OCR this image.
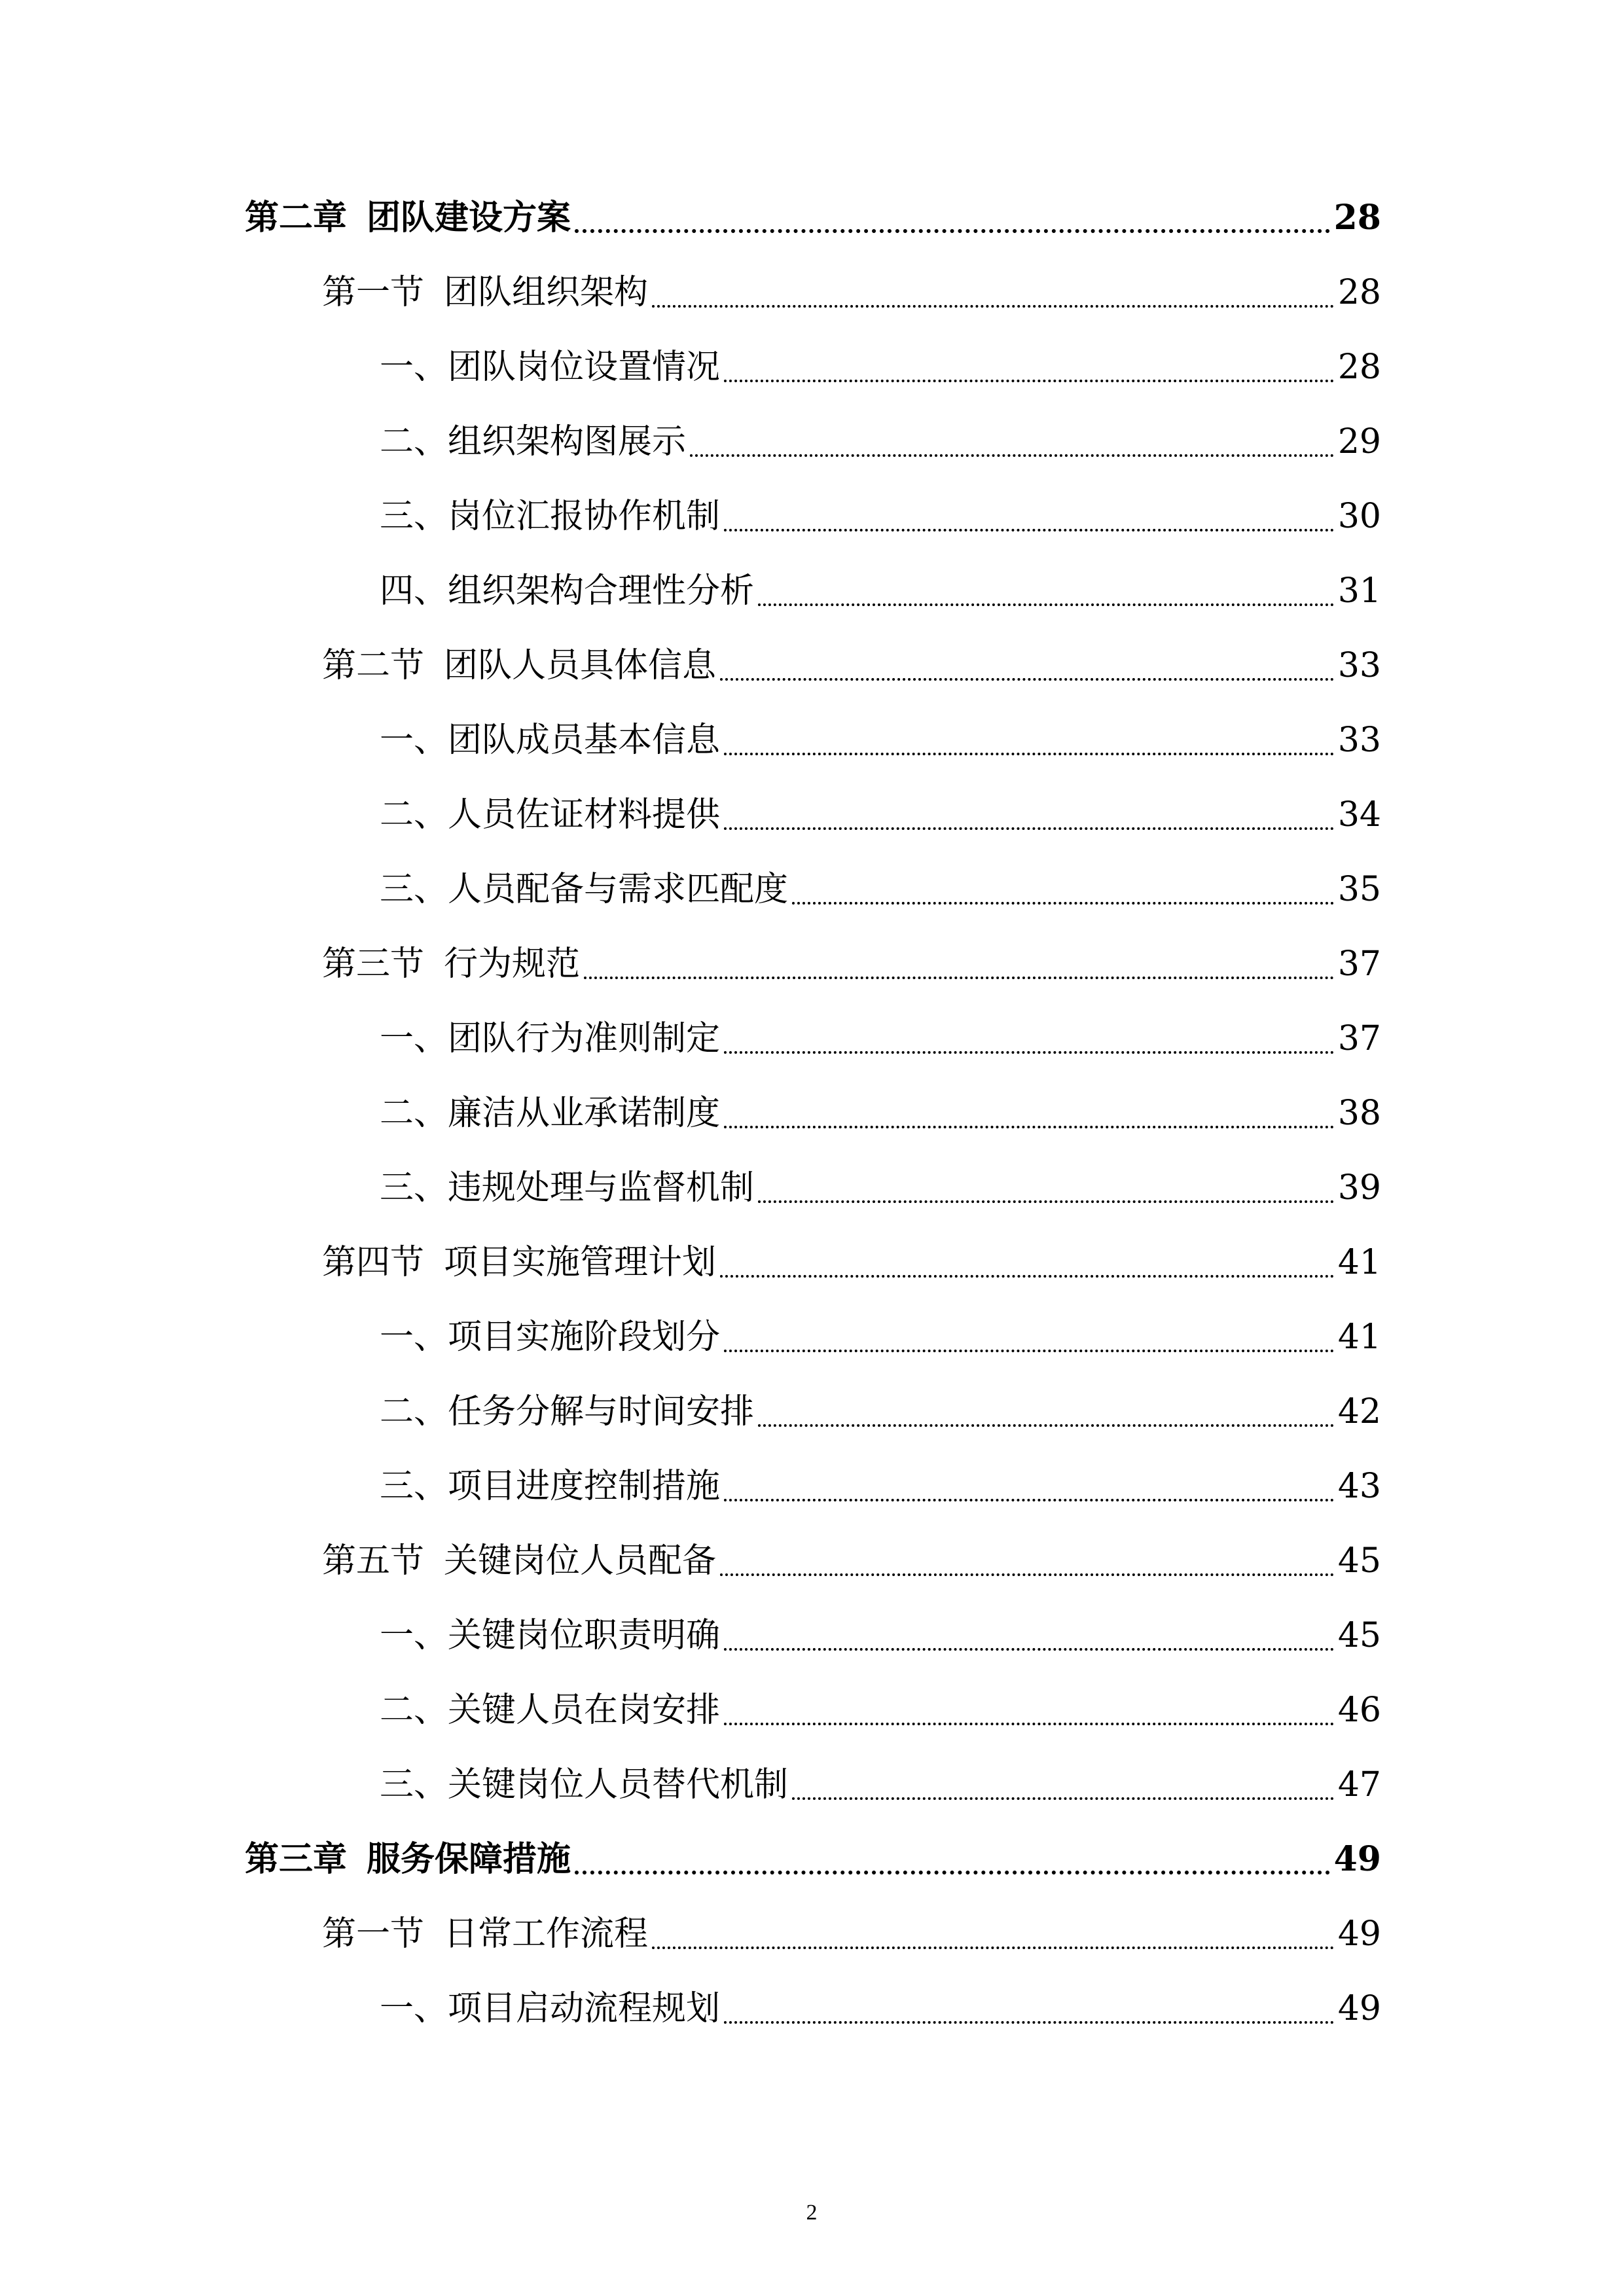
第二章 团队建设方案	28
第一节 团队组织架构	28
一、 团队岗位设置情况	28
二、 组织架构图展示	29
三、 岗位汇报协作机制	30
四、 组织架构合理性分析	31
第二节 团队人员具体信息	33
一、 团队成员基本信息	33
二、 人员佐证材料提供	34
三、 人员配备与需求匹配度	35
第三节 行为规范	37
一、 团队行为准则制定	37
二、 廉洁从业承诺制度	38
三、 违规处理与监督机制	39
第四节 项目实施管理计划	41
一、 项目实施阶段划分	41
二、 任务分解与时间安排	42
三、 项目进度控制措施	43
第五节 关键岗位人员配备	45
一、 关键岗位职责明确	45
二、 关键人员在岗安排	46
三、 关键岗位人员替代机制	47
第三章 服务保障措施	49
第一节 日常工作流程	49
一、 项目启动流程规划	49
2
